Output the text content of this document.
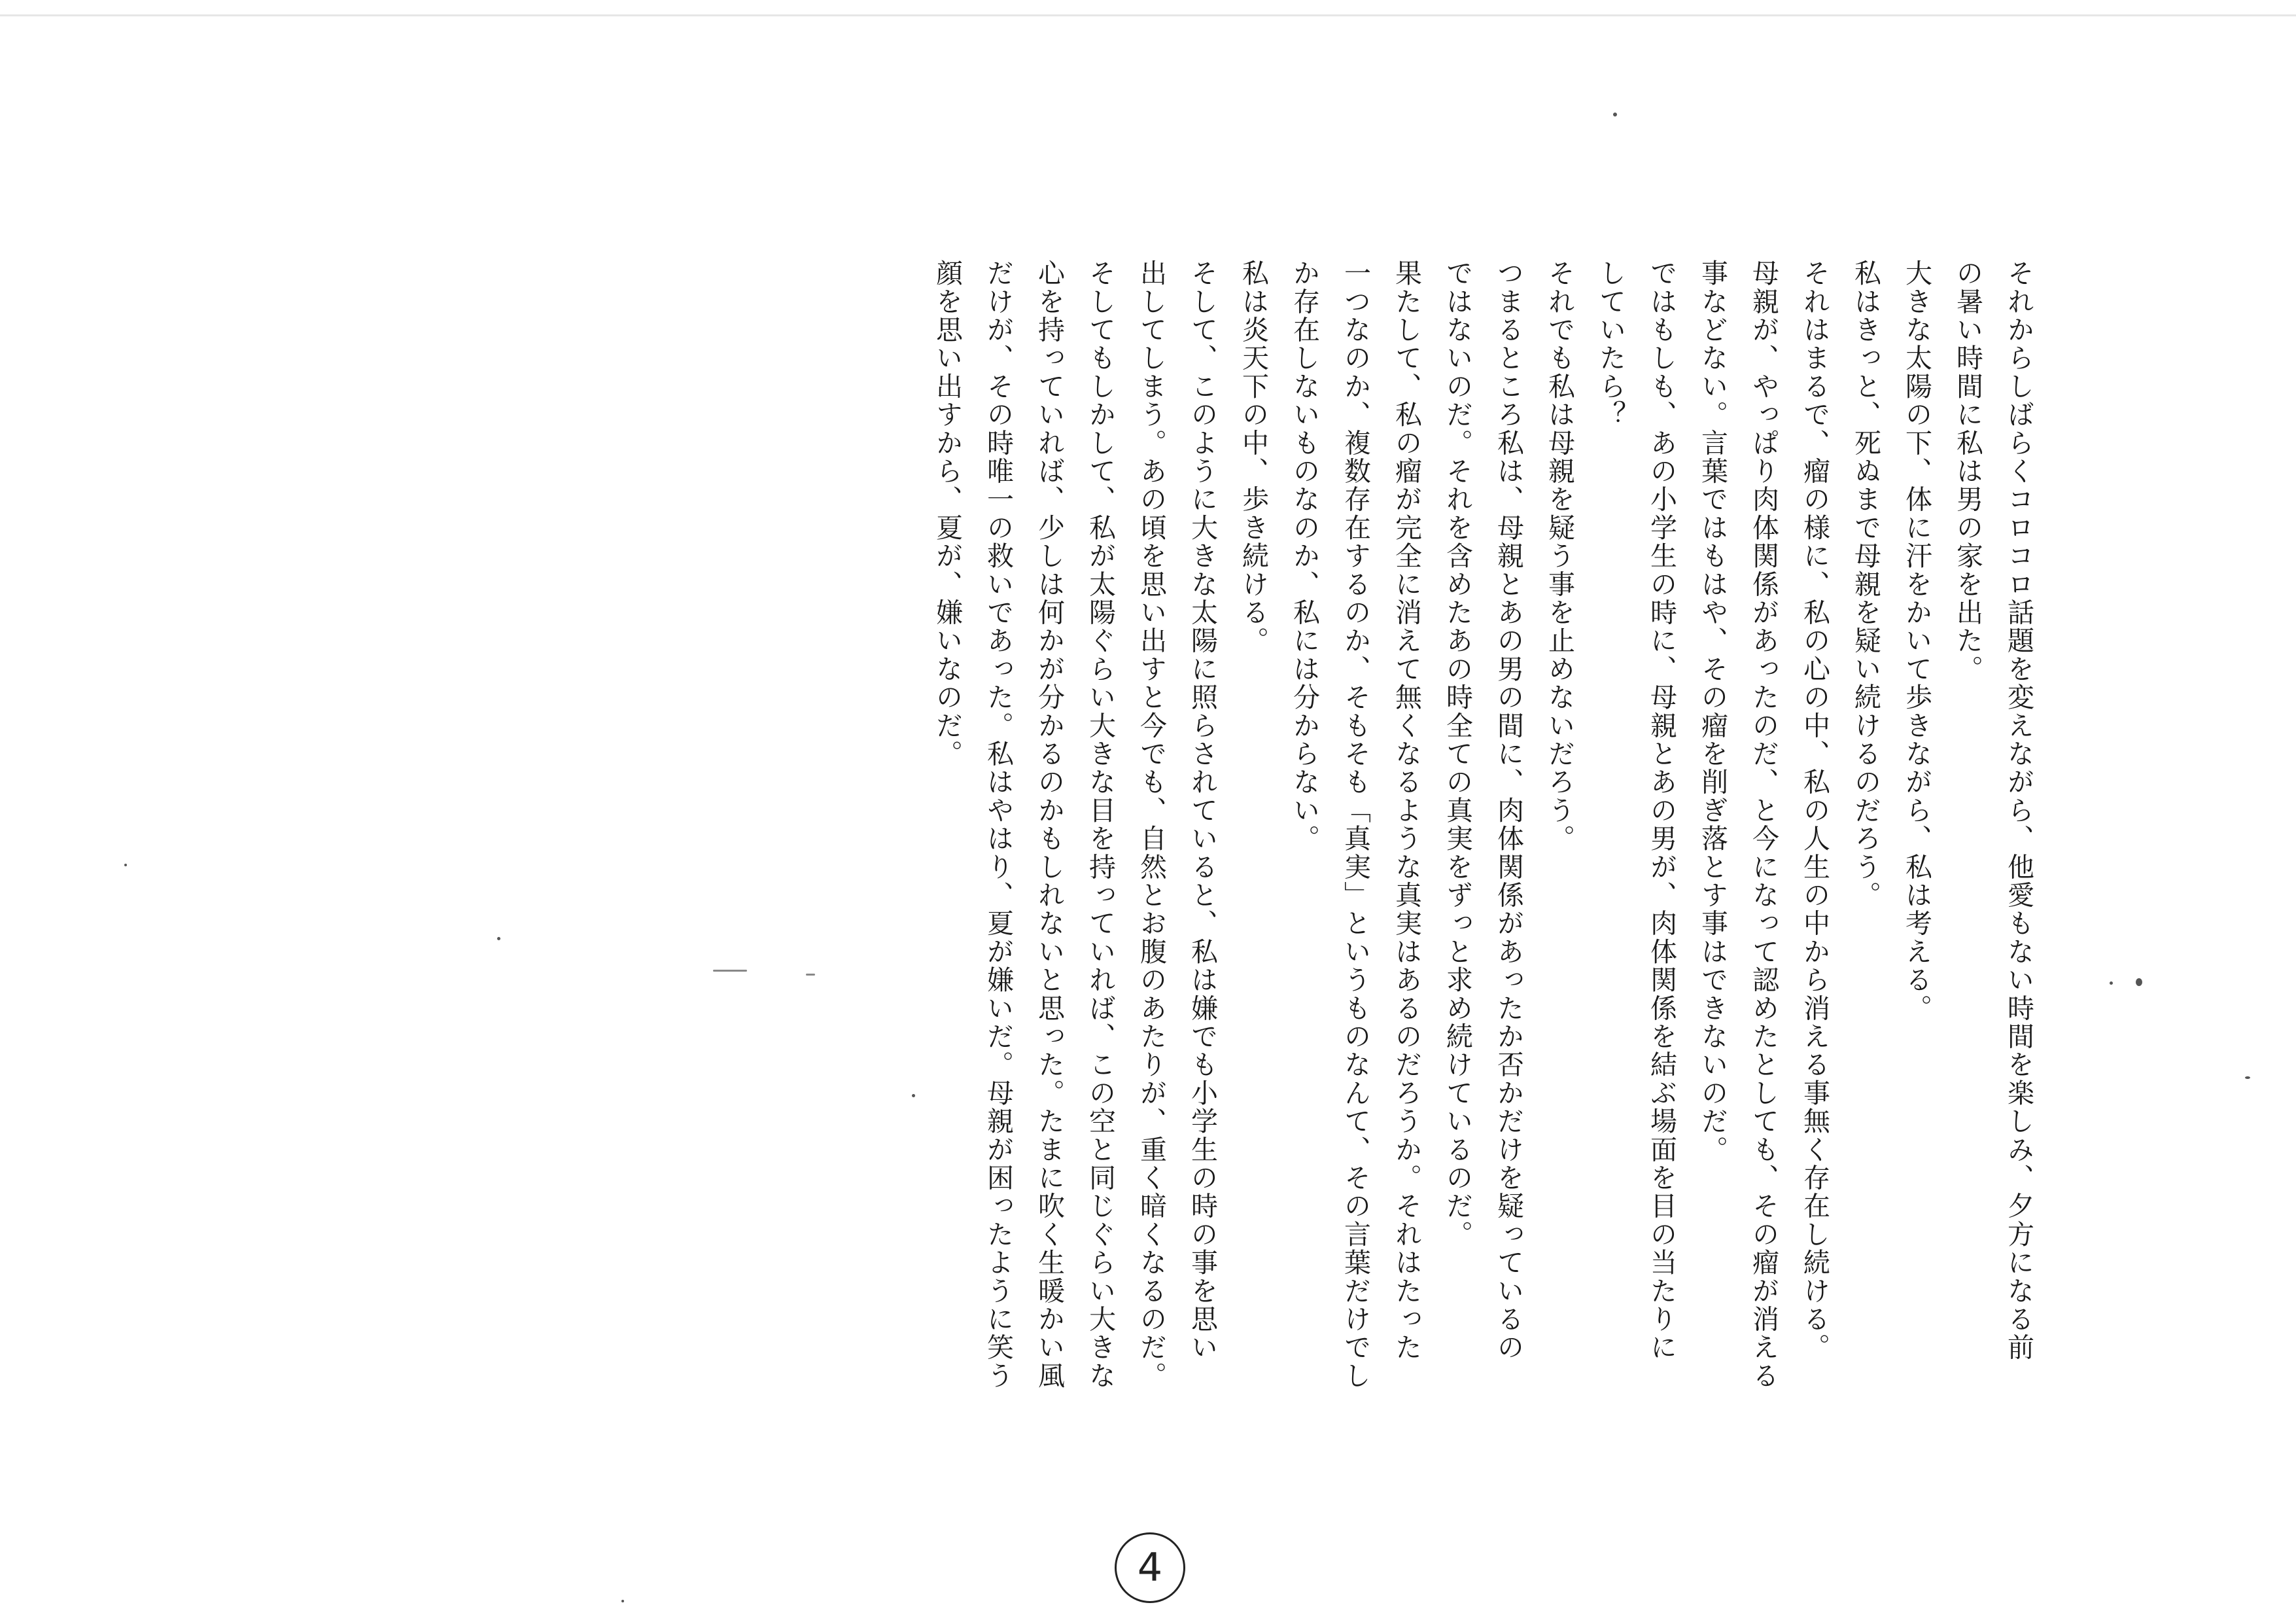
それからしばらくコロコロ話題を変えながら、他愛もない時間を楽しみ、夕方になる前

の暑い時間に私は男の家を出た。

大きな太陽の下、体に汗をかいて歩きながら、私は考える。

私はきっと、死ぬまで母親を疑い続けるのだろう。

それはまるで、瘤の様に、私の心の中、私の人生の中から消える事無く存在し続ける。

母親が、やっぱり肉体関係があったのだ、と今になって認めたとしても、その瘤が消える

事などない。言葉ではもはや、その瘤を削ぎ落とす事はできないのだ。

ではもしも、あの小学生の時に、母親とあの男が、肉体関係を結ぶ場面を目の当たりに

していたら？

それでも私は母親を疑う事を止めないだろう。

つまるところ私は、母親とあの男の間に、肉体関係があったか否かだけを疑っているの

ではないのだ。それを含めたあの時全ての真実をずっと求め続けているのだ。

果たして、私の瘤が完全に消えて無くなるような真実はあるのだろうか。それはたった

一つなのか、複数存在するのか、そもそも「真実」というものなんて、その言葉だけでし

か存在しないものなのか、私には分からない。

私は炎天下の中、歩き続ける。

そして、このように大きな太陽に照らされていると、私は嫌でも小学生の時の事を思い

出してしまう。あの頃を思い出すと今でも、自然とお腹のあたりが、重く暗くなるのだ。

そしてもしかして、私が太陽ぐらい大きな目を持っていれば、この空と同じぐらい大きな

心を持っていれば、少しは何かが分かるのかもしれないと思った。たまに吹く生暖かい風

だけが、その時唯一の救いであった。私はやはり、夏が嫌いだ。母親が困ったように笑う

顔を思い出すから、夏が、嫌いなのだ。

4
